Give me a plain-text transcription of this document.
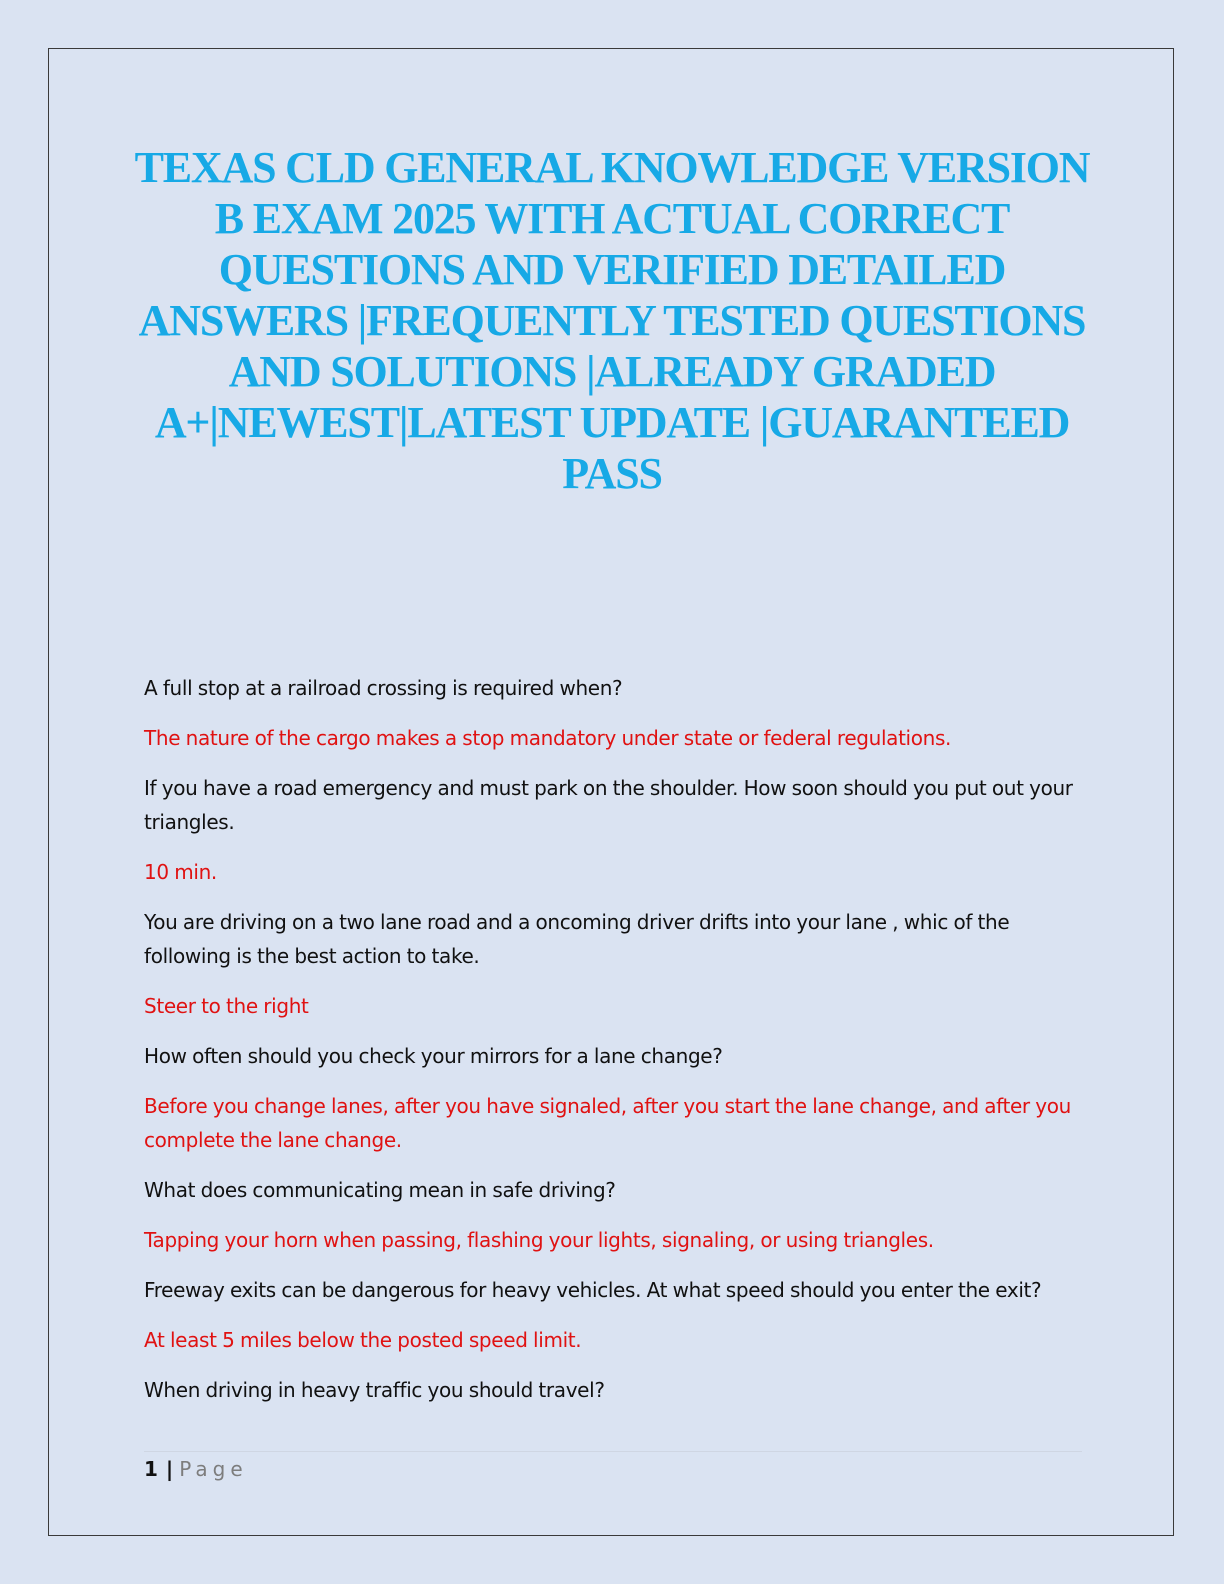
TEXAS CLD GENERAL KNOWLEDGE VERSION B EXAM 2025 WITH ACTUAL CORRECT QUESTIONS AND VERIFIED DETAILED ANSWERS |FREQUENTLY TESTED QUESTIONS AND SOLUTIONS |ALREADY GRADED A+|NEWEST|LATEST UPDATE |GUARANTEED PASS

A full stop at a railroad crossing is required when?

The nature of the cargo makes a stop mandatory under state or federal regulations.

If you have a road emergency and must park on the shoulder. How soon should you put out your triangles.

10 min.

You are driving on a two lane road and a oncoming driver drifts into your lane , whic of the following is the best action to take.

Steer to the right

How often should you check your mirrors for a lane change?

Before you change lanes, after you have signaled, after you start the lane change, and after you complete the lane change.

What does communicating mean in safe driving?

Tapping your horn when passing, flashing your lights, signaling, or using triangles.

Freeway exits can be dangerous for heavy vehicles. At what speed should you enter the exit?

At least 5 miles below the posted speed limit.

When driving in heavy traffic you should travel?

1 | Page
